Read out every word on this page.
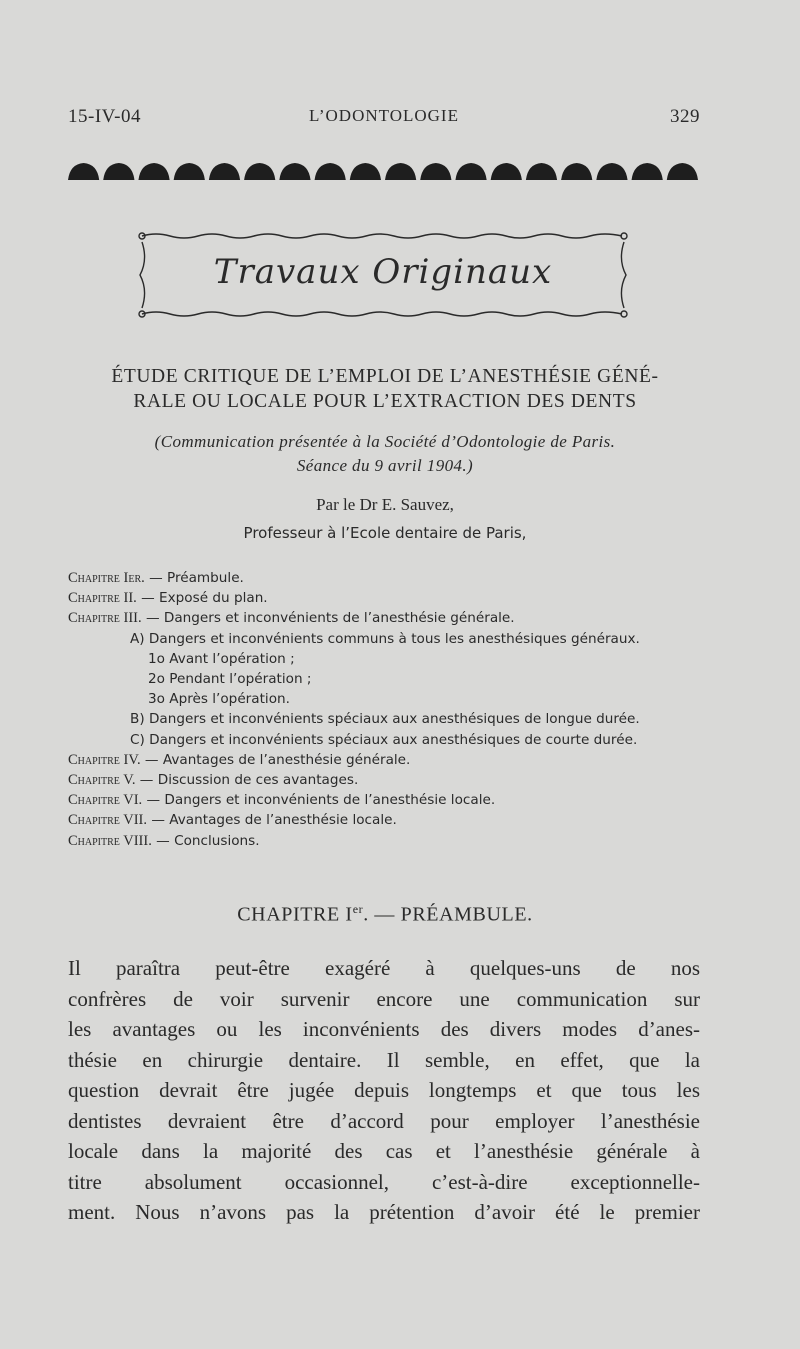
15-IV-04	L’ODONTOLOGIE	329
Travaux Originaux
ÉTUDE CRITIQUE DE L’EMPLOI DE L’ANESTHÉSIE GÉNÉ-
RALE OU LOCALE POUR L’EXTRACTION DES DENTS
(Communication présentée à la Société d’Odontologie de Paris.
Séance du 9 avril 1904.)
Par le Dr E. Sauvez,
Professeur à l’Ecole dentaire de Paris,
Chapitre Ier. — Préambule.
Chapitre II. — Exposé du plan.
Chapitre III. — Dangers et inconvénients de l’anesthésie générale.
A) Dangers et inconvénients communs à tous les anesthésiques généraux.
1o Avant l’opération ;
2o Pendant l’opération ;
3o Après l’opération.
B) Dangers et inconvénients spéciaux aux anesthésiques de longue durée.
C) Dangers et inconvénients spéciaux aux anesthésiques de courte durée.
Chapitre IV. — Avantages de l’anesthésie générale.
Chapitre V. — Discussion de ces avantages.
Chapitre VI. — Dangers et inconvénients de l’anesthésie locale.
Chapitre VII. — Avantages de l’anesthésie locale.
Chapitre VIII. — Conclusions.
CHAPITRE Ier. — PRÉAMBULE.
Il paraîtra peut-être exagéré à quelques-uns de nos
confrères de voir survenir encore une communication sur
les avantages ou les inconvénients des divers modes d’anes-
thésie en chirurgie dentaire. Il semble, en effet, que la
question devrait être jugée depuis longtemps et que tous les
dentistes devraient être d’accord pour employer l’anesthésie
locale dans la majorité des cas et l’anesthésie générale à
titre absolument occasionnel, c’est-à-dire exceptionnelle-
ment. Nous n’avons pas la prétention d’avoir été le premier
